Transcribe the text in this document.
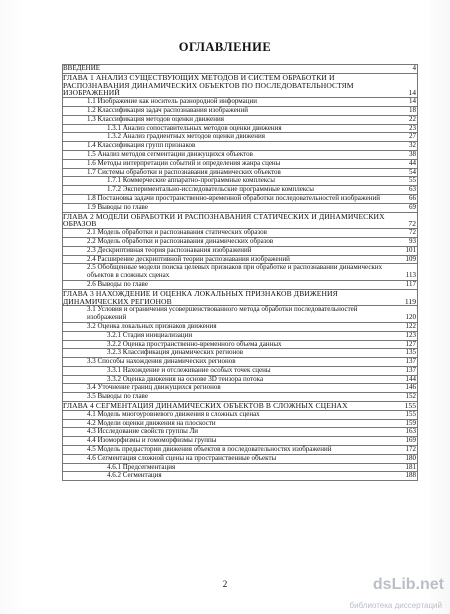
ОГЛАВЛЕНИЕ
ВВЕДЕНИЕ	4
ГЛАВА 1 АНАЛИЗ СУЩЕСТВУЮЩИХ МЕТОДОВ И СИСТЕМ ОБРАБОТКИ И РАСПОЗНАВАНИЯ ДИНАМИЧЕСКИХ ОБЪЕКТОВ ПО ПОСЛЕДОВАТЕЛЬНОСТЯМ ИЗОБРАЖЕНИЙ	14
1.1 Изображение как носитель разнородной информации	14
1.2 Классификация задач распознавания изображений	18
1.3 Классификация методов оценки движения	22
1.3.1 Анализ сопоставительных методов оценки движения	23
1.3.2 Анализ градиентных методов оценки движения	27
1.4 Классификация групп признаков	32
1.5 Анализ методов сегментации движущихся объектов	38
1.6 Методы интерпретации событий и определения жанра сцены	44
1.7 Системы обработки и распознавания динамических объектов	54
1.7.1 Коммерческие аппаратно-программные комплексы	55
1.7.2 Экспериментально-исследовательские программные комплексы	63
1.8 Постановка задачи пространственно-временной обработки последовательностей изображений	66
1.9 Выводы по главе	69
ГЛАВА 2 МОДЕЛИ ОБРАБОТКИ И РАСПОЗНАВАНИЯ СТАТИЧЕСКИХ И ДИНАМИЧЕСКИХ ОБРАЗОВ	72
2.1 Модель обработки и распознавания статических образов	72
2.2 Модель обработки и распознавания динамических образов	93
2.3 Дескриптивная теория распознавания изображений	101
2.4 Расширение дескриптивной теории распознавания изображений	109
2.5 Обобщенные модели поиска целевых признаков при обработке и распознавании динамических объектов в сложных сценах	113
2.6 Выводы по главе	117
ГЛАВА 3 НАХОЖДЕНИЕ И ОЦЕНКА ЛОКАЛЬНЫХ ПРИЗНАКОВ ДВИЖЕНИЯ ДИНАМИЧЕСКИХ РЕГИОНОВ	119
3.1 Условия и ограничения усовершенствованного метода обработки последовательностей изображений	120
3.2 Оценка локальных признаков движения	122
3.2.1 Стадия инициализации	123
3.2.2 Оценка пространственно-временного объема данных	127
3.2.3 Классификация динамических регионов	135
3.3 Способы нахождения динамических регионов	137
3.3.1 Нахождение и отслеживание особых точек сцены	137
3.3.2 Оценка движения на основе 3D тензора потока	144
3.4 Уточнение границ движущихся регионов	146
3.5 Выводы по главе	152
ГЛАВА 4 СЕГМЕНТАЦИЯ ДИНАМИЧЕСКИХ ОБЪЕКТОВ В СЛОЖНЫХ СЦЕНАХ	155
4.1 Модель многоуровневого движения в сложных сценах	155
4.2 Модели оценки движения на плоскости	159
4.3 Исследование свойств группы Ли	163
4.4 Изоморфизмы и гомоморфизмы группы	169
4.5 Модель предыстории движения объектов в последовательностях изображений	172
4.6 Сегментация сложной сцены на пространственные объекты	180
4.6.1 Предсегментация	181
4.6.2 Сегментация	188
2	dsLib.net
библиотека диссертаций
